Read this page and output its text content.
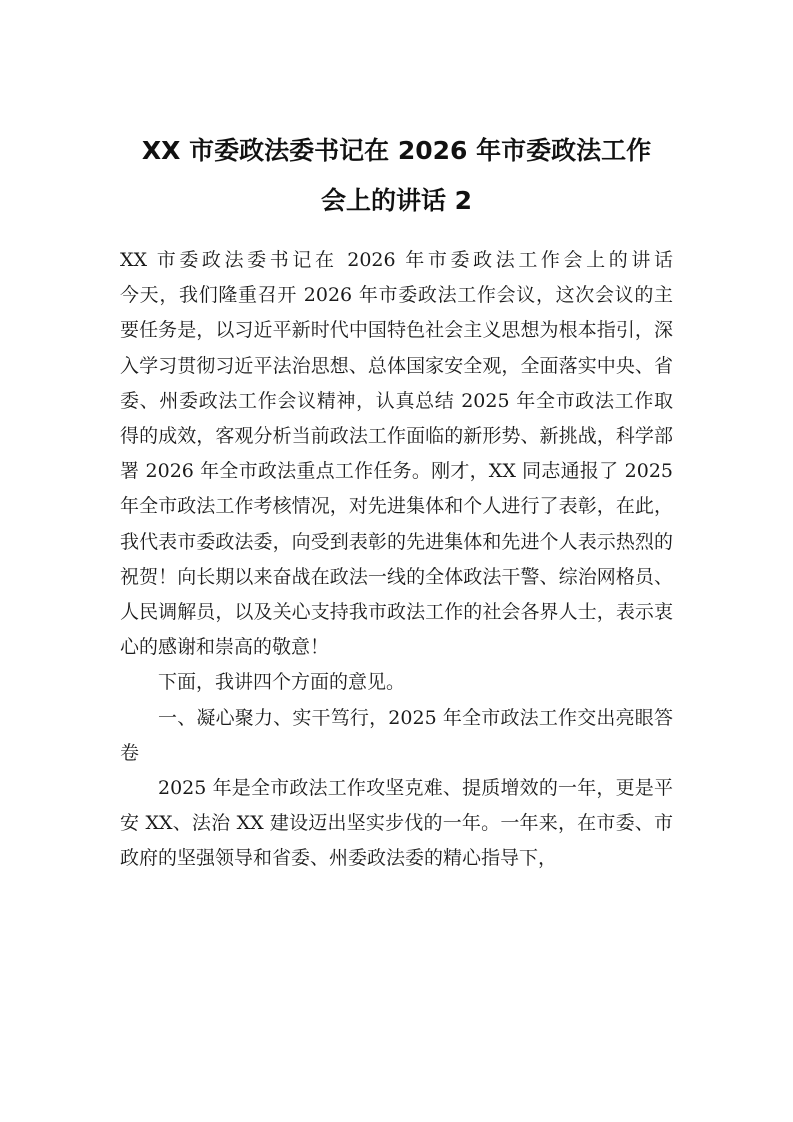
XX 市委政法委书记在 2026 年市委政法工作
会上的讲话 2

XX 市委政法委书记在 2026 年市委政法工作会上的讲话

今天，我们隆重召开 2026 年市委政法工作会议，这次会议的主要任务是，以习近平新时代中国特色社会主义思想为根本指引，深入学习贯彻习近平法治思想、总体国家安全观，全面落实中央、省委、州委政法工作会议精神，认真总结 2025 年全市政法工作取得的成效，客观分析当前政法工作面临的新形势、新挑战，科学部署 2026 年全市政法重点工作任务。刚才，XX 同志通报了 2025 年全市政法工作考核情况，对先进集体和个人进行了表彰，在此，我代表市委政法委，向受到表彰的先进集体和先进个人表示热烈的祝贺！向长期以来奋战在政法一线的全体政法干警、综治网格员、人民调解员，以及关心支持我市政法工作的社会各界人士，表示衷心的感谢和崇高的敬意！

下面，我讲四个方面的意见。

一、凝心聚力、实干笃行，2025 年全市政法工作交出亮眼答卷

2025 年是全市政法工作攻坚克难、提质增效的一年，更是平安 XX、法治 XX 建设迈出坚实步伐的一年。一年来，在市委、市政府的坚强领导和省委、州委政法委的精心指导下，
